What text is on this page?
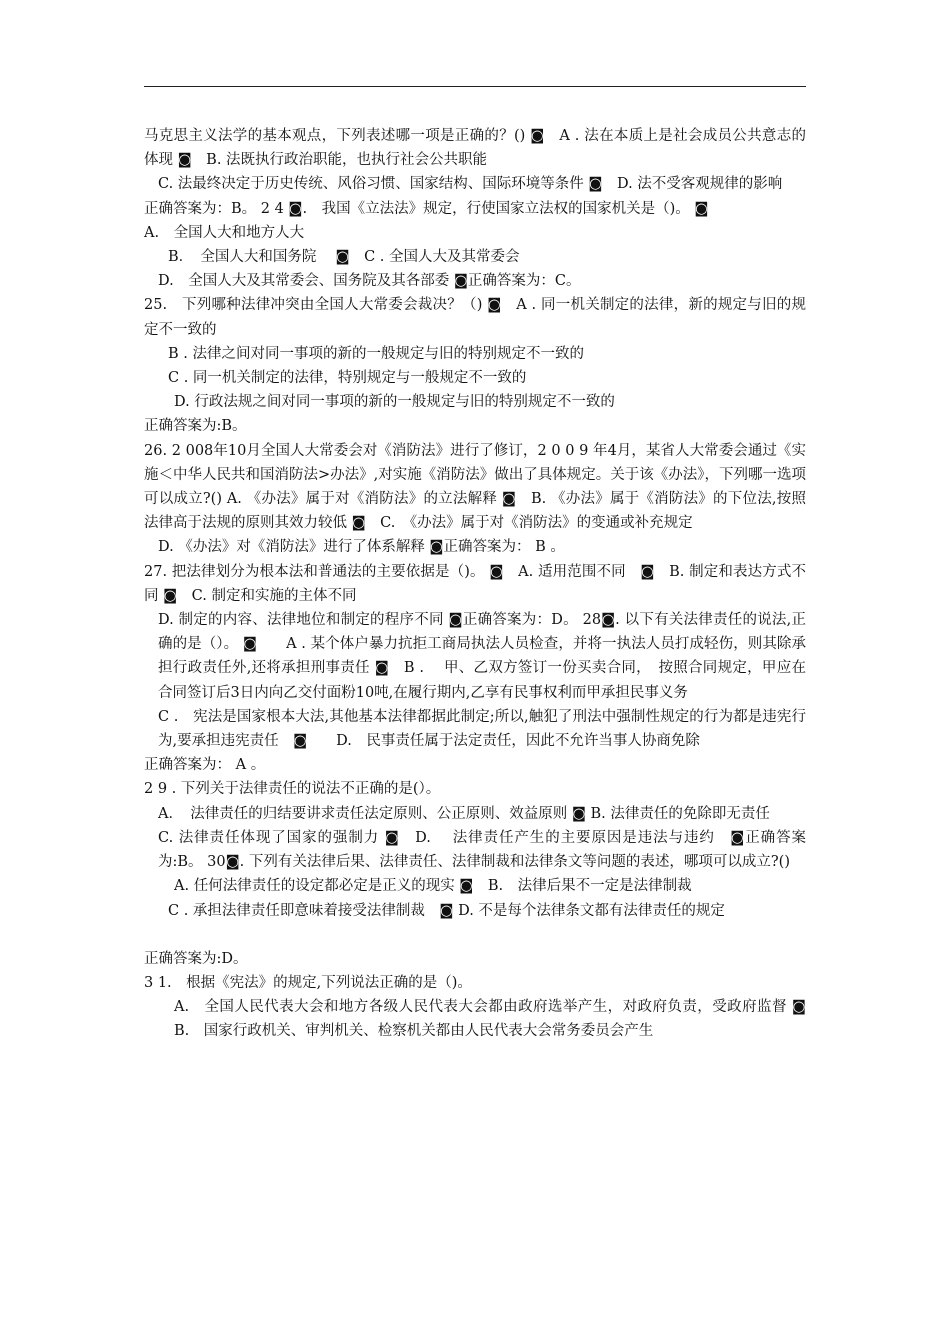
马克思主义法学的基本观点，下列表述哪一项是正确的？() ◙　A . 法在本质上是社会成员公共意志的体现 ◙　B. 法既执行政治职能，也执行社会公共职能

C. 法最终决定于历史传统、风俗习惯、国家结构、国际环境等条件 ◙　D. 法不受客观规律的影响

正确答案为：B。 2 4 ◙.　我国《立法法》规定，行使国家立法权的国家机关是（)。 ◙

A.　全国人大和地方人大

B．　全国人大和国务院　 ◙　C . 全国人大及其常委会

D.　全国人大及其常委会、国务院及其各部委 ◙正确答案为：C。

25.　下列哪种法律冲突由全国人大常委会裁决？（) ◙　A . 同一机关制定的法律，新的规定与旧的规定不一致的

B . 法律之间对同一事项的新的一般规定与旧的特别规定不一致的

C . 同一机关制定的法律，特别规定与一般规定不一致的

D. 行政法规之间对同一事项的新的一般规定与旧的特别规定不一致的

正确答案为:B。

26. 2 008年10月全国人大常委会对《消防法》进行了修订，2 0 0 9 年4月，某省人大常委会通过《实施＜中华人民共和国消防法>办法》,对实施《消防法》做出了具体规定。关于该《办法》，下列哪一选项可以成立?() A. 《办法》属于对《消防法》的立法解释 ◙　B. 《办法》属于《消防法》的下位法,按照法律高于法规的原则其效力较低 ◙　C.　《办法》属于对《消防法》的变通或补充规定

D. 《办法》对《消防法》进行了体系解释 ◙正确答案为： B 。

27. 把法律划分为根本法和普通法的主要依据是（)。 ◙　A. 适用范围不同　◙　B. 制定和表达方式不同 ◙　C. 制定和实施的主体不同

D. 制定的内容、法律地位和制定的程序不同 ◙正确答案为：D。 28◙. 以下有关法律责任的说法,正确的是（）。 ◙　　A . 某个体户暴力抗拒工商局执法人员检查，并将一执法人员打成轻伤，则其除承担行政责任外,还将承担刑事责任 ◙　B .　 甲、乙双方签订一份买卖合同，　按照合同规定，甲应在合同签订后3日内向乙交付面粉10吨,在履行期内,乙享有民事权利而甲承担民事义务

C .　宪法是国家根本大法,其他基本法律都据此制定;所以,触犯了刑法中强制性规定的行为都是违宪行为,要承担违宪责任　◙　　D.　民事责任属于法定责任，因此不允许当事人协商免除

正确答案为： A 。

2 9 . 下列关于法律责任的说法不正确的是(）。

A．　法律责任的归结要讲求责任法定原则、公正原则、效益原则 ◙ B. 法律责任的免除即无责任

C. 法律责任体现了国家的强制力 ◙　D.　 法律责任产生的主要原因是违法与违约　◙正确答案为:B。 30◙. 下列有关法律后果、法律责任、法律制裁和法律条文等问题的表述，哪项可以成立?()

A. 任何法律责任的设定都必定是正义的现实 ◙　B.　法律后果不一定是法律制裁

C . 承担法律责任即意味着接受法律制裁　◙ D. 不是每个法律条文都有法律责任的规定

正确答案为:D。

3 1.　根据《宪法》的规定,下列说法正确的是（)。

A.　全国人民代表大会和地方各级人民代表大会都由政府选举产生，对政府负责，受政府监督 ◙　B.　国家行政机关、审判机关、检察机关都由人民代表大会常务委员会产生
